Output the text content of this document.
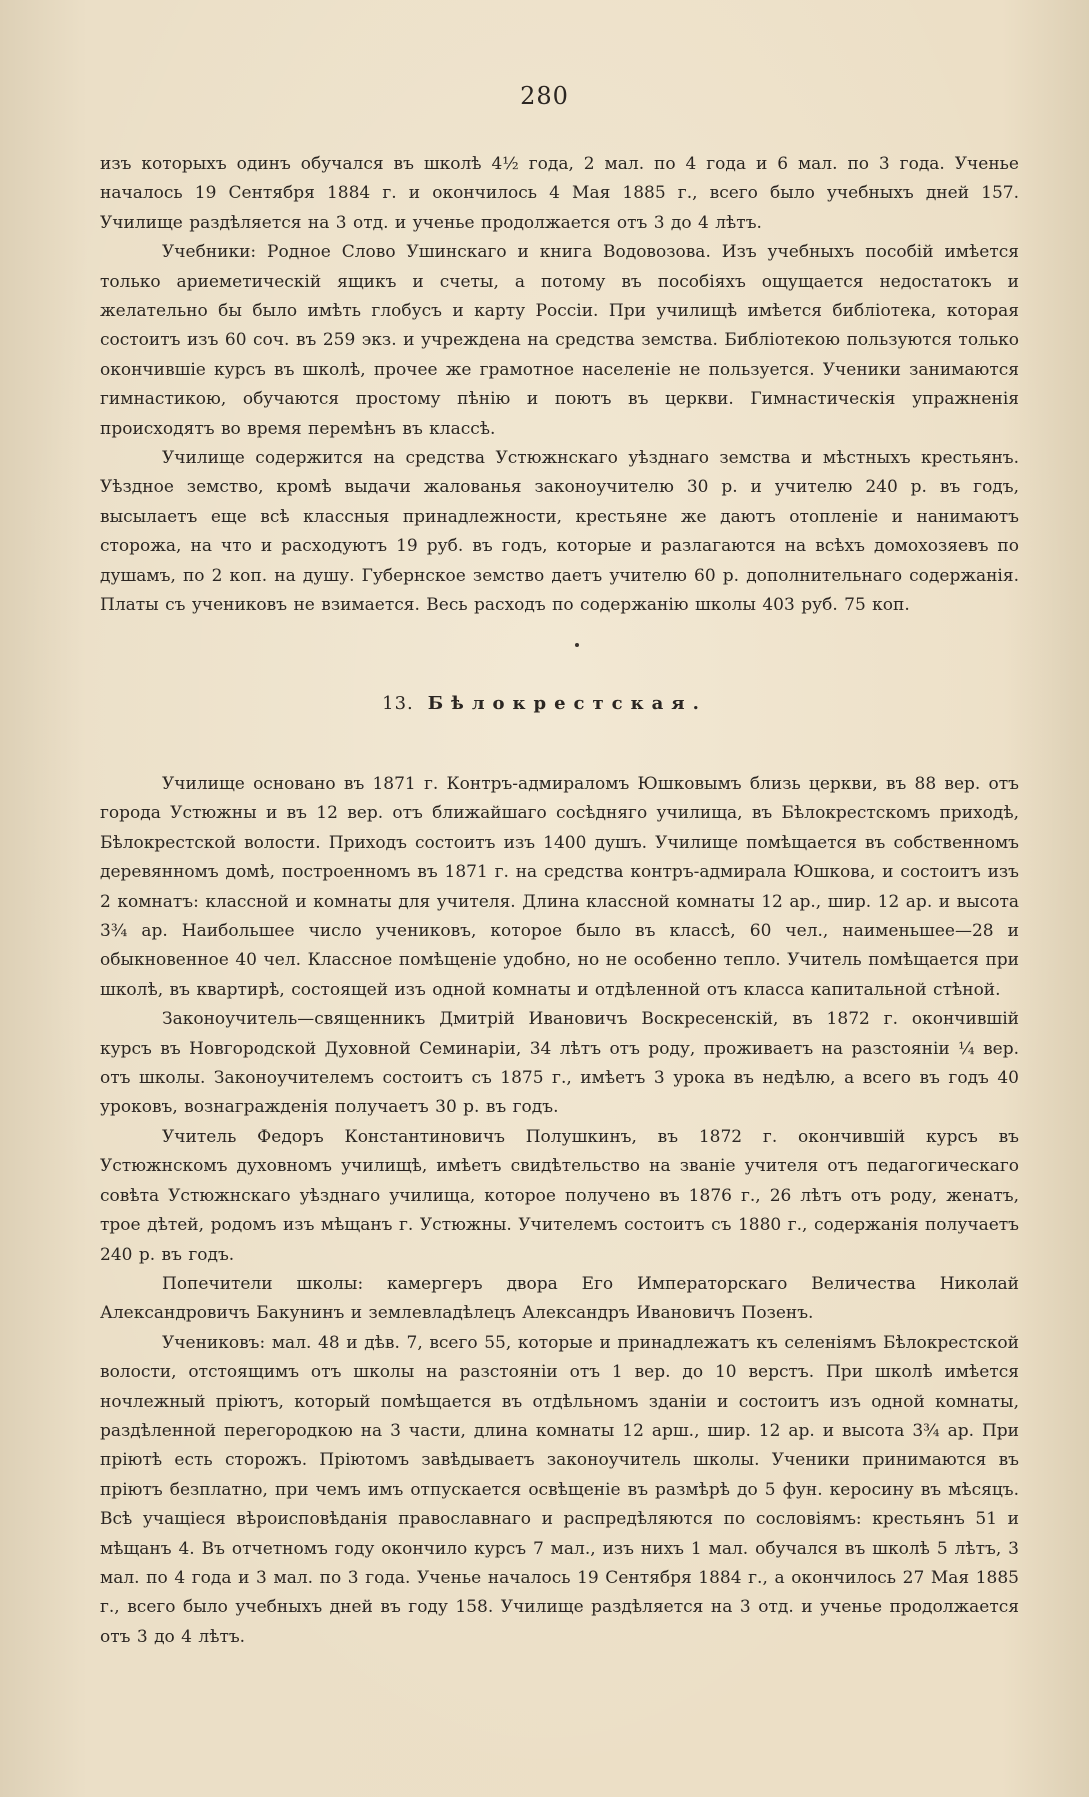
280

изъ которыхъ одинъ обучался въ школѣ 4½ года, 2 мал. по 4 года и 6 мал. по 3 года. Ученье началось 19 Сентября 1884 г. и окончилось 4 Мая 1885 г., всего было учебныхъ дней 157. Училище раздѣляется на 3 отд. и ученье продолжается отъ 3 до 4 лѣтъ.

Учебники: Родное Слово Ушинскаго и книга Водовозова. Изъ учебныхъ пособій имѣется только ариеметическій ящикъ и счеты, а потому въ пособіяхъ ощущается недостатокъ и желательно бы было имѣть глобусъ и карту Россіи. При училищѣ имѣется библіотека, которая состоитъ изъ 60 соч. въ 259 экз. и учреждена на средства земства. Библіотекою пользуются только окончившіе курсъ въ школѣ, прочее же грамотное населеніе не пользуется. Ученики занимаются гимнастикою, обучаются простому пѣнію и поютъ въ церкви. Гимнастическія упражненія происходятъ во время перемѣнъ въ классѣ.

Училище содержится на средства Устюжнскаго уѣзднаго земства и мѣстныхъ крестьянъ. Уѣздное земство, кромѣ выдачи жалованья законоучителю 30 р. и учителю 240 р. въ годъ, высылаетъ еще всѣ классныя принадлежности, крестьяне же даютъ отопленіе и нанимаютъ сторожа, на что и расходуютъ 19 руб. въ годъ, которые и разлагаются на всѣхъ домохозяевъ по душамъ, по 2 коп. на душу. Губернское земство даетъ учителю 60 р. дополнительнаго содержанія. Платы съ учениковъ не взимается. Весь расходъ по содержанію школы 403 руб. 75 коп.

13. Бѣлокрестская.

Училище основано въ 1871 г. Контръ-адмираломъ Юшковымъ близь церкви, въ 88 вер. отъ города Устюжны и въ 12 вер. отъ ближайшаго сосѣдняго училища, въ Бѣлокрестскомъ приходѣ, Бѣлокрестской волости. Приходъ состоитъ изъ 1400 душъ. Училище помѣщается въ собственномъ деревянномъ домѣ, построенномъ въ 1871 г. на средства контръ-адмирала Юшкова, и состоитъ изъ 2 комнатъ: классной и комнаты для учителя. Длина классной комнаты 12 ар., шир. 12 ар. и высота 3¾ ар. Наибольшее число учениковъ, которое было въ классѣ, 60 чел., наименьшее—28 и обыкновенное 40 чел. Классное помѣщеніе удобно, но не особенно тепло. Учитель помѣщается при школѣ, въ квартирѣ, состоящей изъ одной комнаты и отдѣленной отъ класса капитальной стѣной.

Законоучитель—священникъ Дмитрій Ивановичъ Воскресенскій, въ 1872 г. окончившій курсъ въ Новгородской Духовной Семинаріи, 34 лѣтъ отъ роду, проживаетъ на разстояніи ¼ вер. отъ школы. Законоучителемъ состоитъ съ 1875 г., имѣетъ 3 урока въ недѣлю, а всего въ годъ 40 уроковъ, вознагражденія получаетъ 30 р. въ годъ.

Учитель Федоръ Константиновичъ Полушкинъ, въ 1872 г. окончившій курсъ въ Устюжнскомъ духовномъ училищѣ, имѣетъ свидѣтельство на званіе учителя отъ педагогическаго совѣта Устюжнскаго уѣзднаго училища, которое получено въ 1876 г., 26 лѣтъ отъ роду, женатъ, трое дѣтей, родомъ изъ мѣщанъ г. Устюжны. Учителемъ состоитъ съ 1880 г., содержанія получаетъ 240 р. въ годъ.

Попечители школы: камергеръ двора Его Императорскаго Величества Николай Александровичъ Бакунинъ и землевладѣлецъ Александръ Ивановичъ Позенъ.

Учениковъ: мал. 48 и дѣв. 7, всего 55, которые и принадлежатъ къ селеніямъ Бѣлокрестской волости, отстоящимъ отъ школы на разстояніи отъ 1 вер. до 10 верстъ. При школѣ имѣется ночлежный пріютъ, который помѣщается въ отдѣльномъ зданіи и состоитъ изъ одной комнаты, раздѣленной перегородкою на 3 части, длина комнаты 12 арш., шир. 12 ар. и высота 3¾ ар. При пріютѣ есть сторожъ. Пріютомъ завѣдываетъ законоучитель школы. Ученики принимаются въ пріютъ безплатно, при чемъ имъ отпускается освѣщеніе въ размѣрѣ до 5 фун. керосину въ мѣсяцъ. Всѣ учащіеся вѣроисповѣданія православнаго и распредѣляются по сословіямъ: крестьянъ 51 и мѣщанъ 4. Въ отчетномъ году окончило курсъ 7 мал., изъ нихъ 1 мал. обучался въ школѣ 5 лѣтъ, 3 мал. по 4 года и 3 мал. по 3 года. Ученье началось 19 Сентября 1884 г., а окончилось 27 Мая 1885 г., всего было учебныхъ дней въ году 158. Училище раздѣляется на 3 отд. и ученье продолжается отъ 3 до 4 лѣтъ.
